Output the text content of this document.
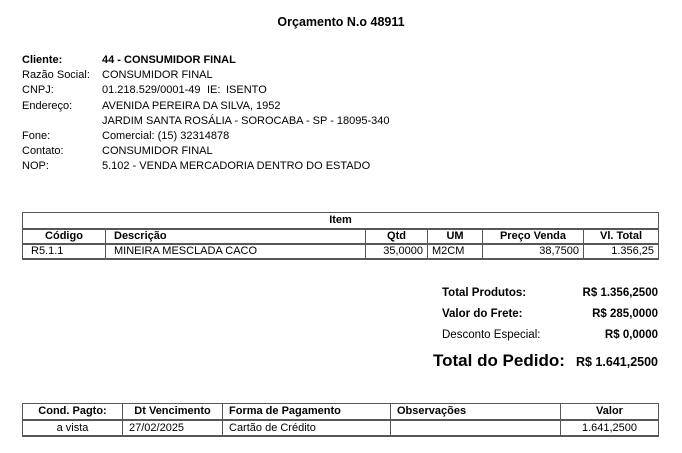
Orçamento N.o 48911
Cliente:	44 - CONSUMIDOR FINAL
Razão Social: CONSUMIDOR FINAL
CNPJ:	01.218.529/0001-49 IE: ISENTO
Endereço:	AVENIDA PEREIRA DA SILVA, 1952
JARDIM SANTA ROSÁLIA - SOROCABA - SP - 18095-340
Fone:	Comercial: (15) 32314878
Contato:	CONSUMIDOR FINAL
NOP:	5.102 - VENDA MERCADORIA DENTRO DO ESTADO
Item					
Código	Descrição	Qtd	UM	Preço Venda	Vl. Total
R5.1.1	MINEIRA MESCLADA CACO	35,0000	M2CM	38,7500	1.356,25
Total Produtos:	R$ 1.356,2500
Valor do Frete:	R$ 285,0000
Desconto Especial:	R$ 0,0000
Total do Pedido: R$ 1.641,2500
Cond. Pagto:	Dt Vencimento	Forma de Pagamento	Observações	Valor
a vista	27/02/2025	Cartão de Crédito		1.641,2500
